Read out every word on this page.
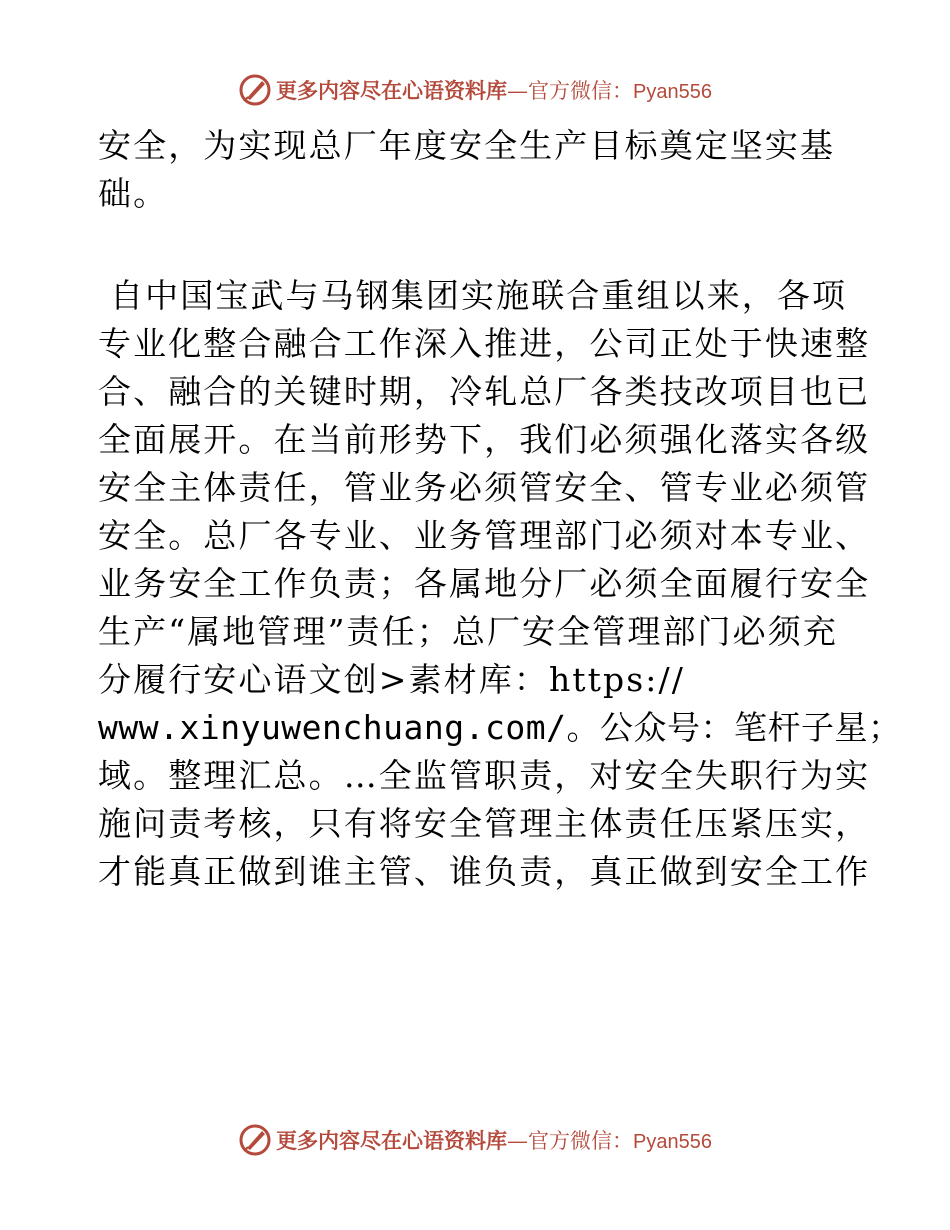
更多内容尽在心语资料库 — 官方微信： Pyan556
安全，为实现总厂年度安全生产目标奠定坚实基
础。
自中国宝武与马钢集团实施联合重组以来，各项
专业化整合融合工作深入推进，公司正处于快速整
合、融合的关键时期，冷轧总厂各类技改项目也已
全面展开。在当前形势下，我们必须强化落实各级
安全主体责任，管业务必须管安全、管专业必须管
安全。总厂各专业、业务管理部门必须对本专业、
业务安全工作负责；各属地分厂必须全面履行安全
生产“属地管理”责任；总厂安全管理部门必须充
分履行安心语文创>素材库：https://
www.xinyuwenchuang.com/。公众号：笔杆子星；
域。整理汇总。…全监管职责，对安全失职行为实
施问责考核，只有将安全管理主体责任压紧压实，
才能真正做到谁主管、谁负责，真正做到安全工作
更多内容尽在心语资料库 — 官方微信： Pyan556
